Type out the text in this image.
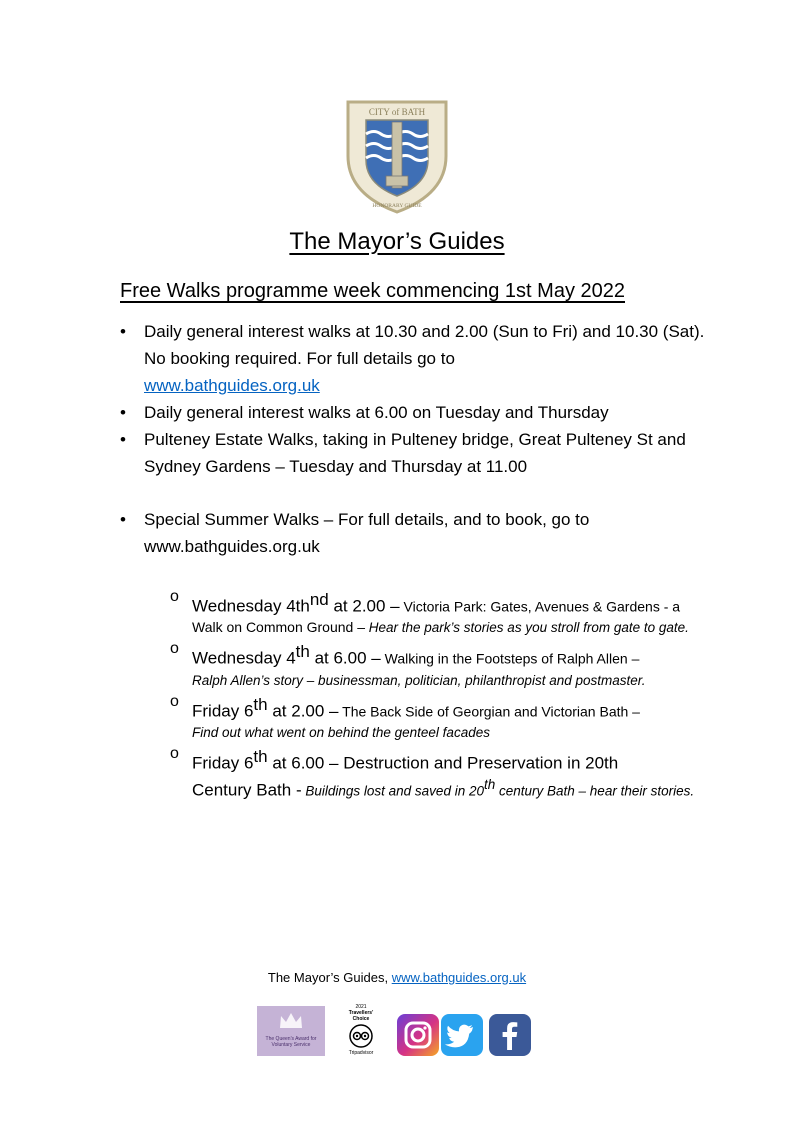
CITY of BATH
HONORARY GUIDE
The Mayor’s Guides
Free Walks programme week commencing 1st May 2022
• Daily general interest walks at 10.30 and 2.00 (Sun to Fri) and 10.30 (Sat). No booking required. For full details go to
www.bathguides.org.uk
• Daily general interest walks at 6.00 on Tuesday and Thursday
• Pulteney Estate Walks, taking in Pulteney bridge, Great Pulteney St and Sydney Gardens – Tuesday and Thursday at 11.00
• Special Summer Walks – For full details, and to book, go to www.bathguides.org.uk
o Wednesday $4th^{nd}$ at 2.00 – Victoria Park: Gates, Avenues & Gardens - a Walk on Common Ground – Hear the park’s stories as you stroll from gate to gate.
o Wednesday 4th at 6.00 – Walking in the Footsteps of Ralph Allen –
Ralph Allen’s story – businessman, politician, philanthropist and postmaster.
o Friday 6th at 2.00 – The Back Side of Georgian and Victorian Bath –
Find out what went on behind the genteel facades
o Friday 6th at 6.00 – Destruction and Preservation in 20th
Century Bath - Buildings lost and saved in 20th century Bath – hear their stories.
The Mayor’s Guides, www.bathguides.org.uk
The Queen's Award for Voluntary Service
2021
Travellers' Choice
Tripadvisor
